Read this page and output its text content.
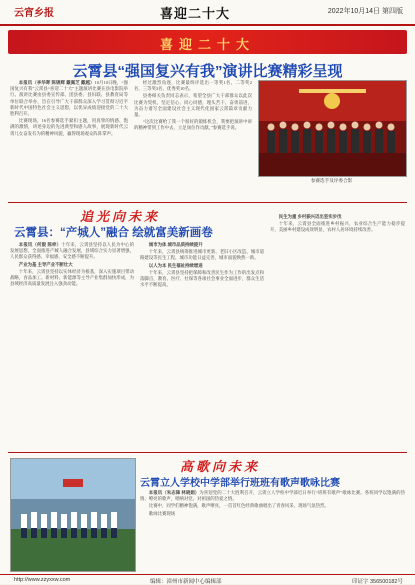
云宵乡报	喜迎二十大	2022年10月14日 第四版
喜迎二十大
云霄县“强国复兴有我”演讲比赛精彩呈现

本报讯（李华晖 陈锦辉 戴佩芝 戴越）10月10日晚，“强国复兴有我”云霄县“喜迎二十大”主题演讲比赛在县电影院举行。演讲比赛由县委宣传部、团县委、县妇联、县教育局等单位联合举办，旨在引导广大干部群众深入学习贯彻习近平新时代中国特色社会主义思想，以优异成绩迎接党的二十大胜利召开。

比赛现场，16名参赛选手紧扣主题，用真挚的情感、饱满的激情，讲述身边的先进典型和感人故事，展现新时代云霄儿女奋发有为的精神风貌，赢得现场观众阵阵掌声。

经过激烈角逐，比赛最终评选出一等奖1名、二等奖2名、三等奖3名、优秀奖10名。

县委相关负责同志表示，希望全县广大干部群众以此次比赛为契机，坚定信心、同心同德，埋头苦干、奋勇前进，为奋力谱写全面建设社会主义现代化国家云霄篇章贡献力量。

“这次比赛给了我一个很好的锻炼机会，我要把演讲中讲的精神带到工作中去，立足岗位作贡献。”参赛选手说。

参赛选手及评委合影
追光向未来
云霄县：“产城人”融合 绘就富美新画卷

本报讯（何毅 陈梓）十年来，云霄县坚持以人民为中心的发展思想，全面推进产城人融合发展，县域综合实力显著增强，人民群众获得感、幸福感、安全感不断提升。

产业为基 主导产业不断壮大

十年来，云霄县坚持以实体经济为根基，深入实施项目带动战略，食品加工、新材料、新能源等主导产业集群加快形成，为县域经济高质量发展注入强劲动能。

城市为体 城市品质持续提升

十年来，云霄县统筹推进城市更新、老旧小区改造、城市道路建设等民生工程，城市功能日益完善，城市面貌焕然一新。

以人为本 民生福祉持续增进

十年来，云霄县坚持把保障和改善民生作为工作的出发点和落脚点，教育、医疗、社保等各项社会事业全面进步，群众生活水平不断提高。

民生为重 乡村振兴迈出坚实步伐

十年来，云霄县全面推进乡村振兴，农业综合生产能力稳步提升，美丽乡村建设成效明显，农村人居环境持续改善。

高歌向未来
云霄立人学校中学部举行班班有歌声歌咏比赛

本报讯（朱志锋 林晓娟）为喜迎党的二十大胜利召开，云霄立人学校中学部近日举行“班班有歌声”歌咏比赛。各班同学以饱满的热情、嘹亮的歌声，唱响对党、对祖国的热爱之情。

比赛中，同学们精神饱满，歌声嘹亮，一首首红色经典歌曲唱出了青春风采，现场气氛热烈。

歌咏比赛现场

http://www.zzyxxw.com	编辑：漳州市新闻中心编辑部	印证字 356500182号
